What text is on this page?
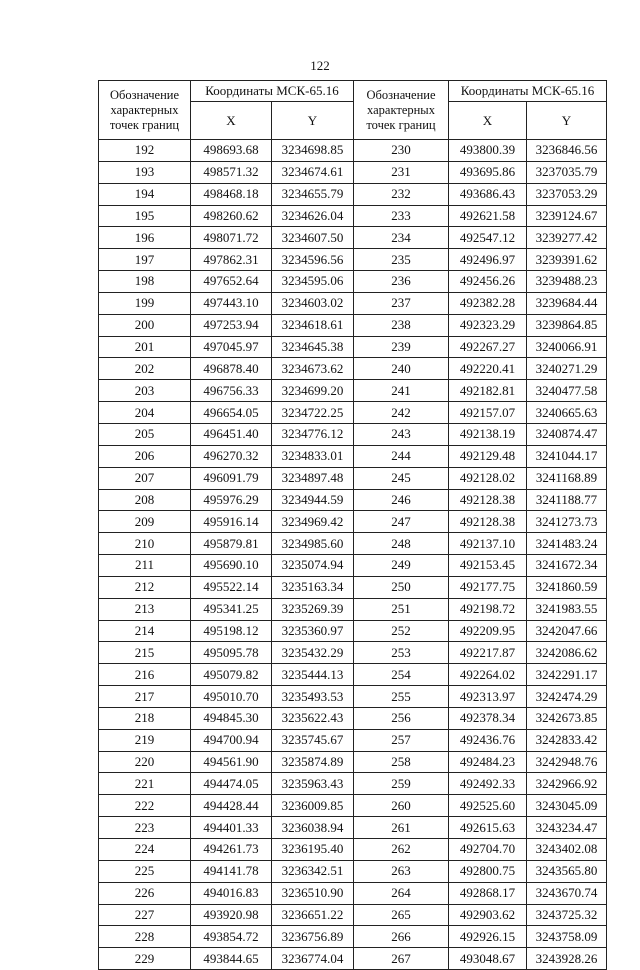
122
Обозначение характерных точек границ	Координаты МСК-65.16	
	X	Y
192	498693.68	3234698.85
193	498571.32	3234674.61
194	498468.18	3234655.79
195	498260.62	3234626.04
196	498071.72	3234607.50
197	497862.31	3234596.56
198	497652.64	3234595.06
199	497443.10	3234603.02
200	497253.94	3234618.61
201	497045.97	3234645.38
202	496878.40	3234673.62
203	496756.33	3234699.20
204	496654.05	3234722.25
205	496451.40	3234776.12
206	496270.32	3234833.01
207	496091.79	3234897.48
208	495976.29	3234944.59
209	495916.14	3234969.42
210	495879.81	3234985.60
211	495690.10	3235074.94
212	495522.14	3235163.34
213	495341.25	3235269.39
214	495198.12	3235360.97
215	495095.78	3235432.29
216	495079.82	3235444.13
217	495010.70	3235493.53
218	494845.30	3235622.43
219	494700.94	3235745.67
220	494561.90	3235874.89
221	494474.05	3235963.43
222	494428.44	3236009.85
223	494401.33	3236038.94
224	494261.73	3236195.40
225	494141.78	3236342.51
226	494016.83	3236510.90
227	493920.98	3236651.22
228	493854.72	3236756.89
229	493844.65	3236774.04
Обозначение характерных точек границ	Координаты МСК-65.16	
	X	Y
230	493800.39	3236846.56
231	493695.86	3237035.79
232	493686.43	3237053.29
233	492621.58	3239124.67
234	492547.12	3239277.42
235	492496.97	3239391.62
236	492456.26	3239488.23
237	492382.28	3239684.44
238	492323.29	3239864.85
239	492267.27	3240066.91
240	492220.41	3240271.29
241	492182.81	3240477.58
242	492157.07	3240665.63
243	492138.19	3240874.47
244	492129.48	3241044.17
245	492128.02	3241168.89
246	492128.38	3241188.77
247	492128.38	3241273.73
248	492137.10	3241483.24
249	492153.45	3241672.34
250	492177.75	3241860.59
251	492198.72	3241983.55
252	492209.95	3242047.66
253	492217.87	3242086.62
254	492264.02	3242291.17
255	492313.97	3242474.29
256	492378.34	3242673.85
257	492436.76	3242833.42
258	492484.23	3242948.76
259	492492.33	3242966.92
260	492525.60	3243045.09
261	492615.63	3243234.47
262	492704.70	3243402.08
263	492800.75	3243565.80
264	492868.17	3243670.74
265	492903.62	3243725.32
266	492926.15	3243758.09
267	493048.67	3243928.26
